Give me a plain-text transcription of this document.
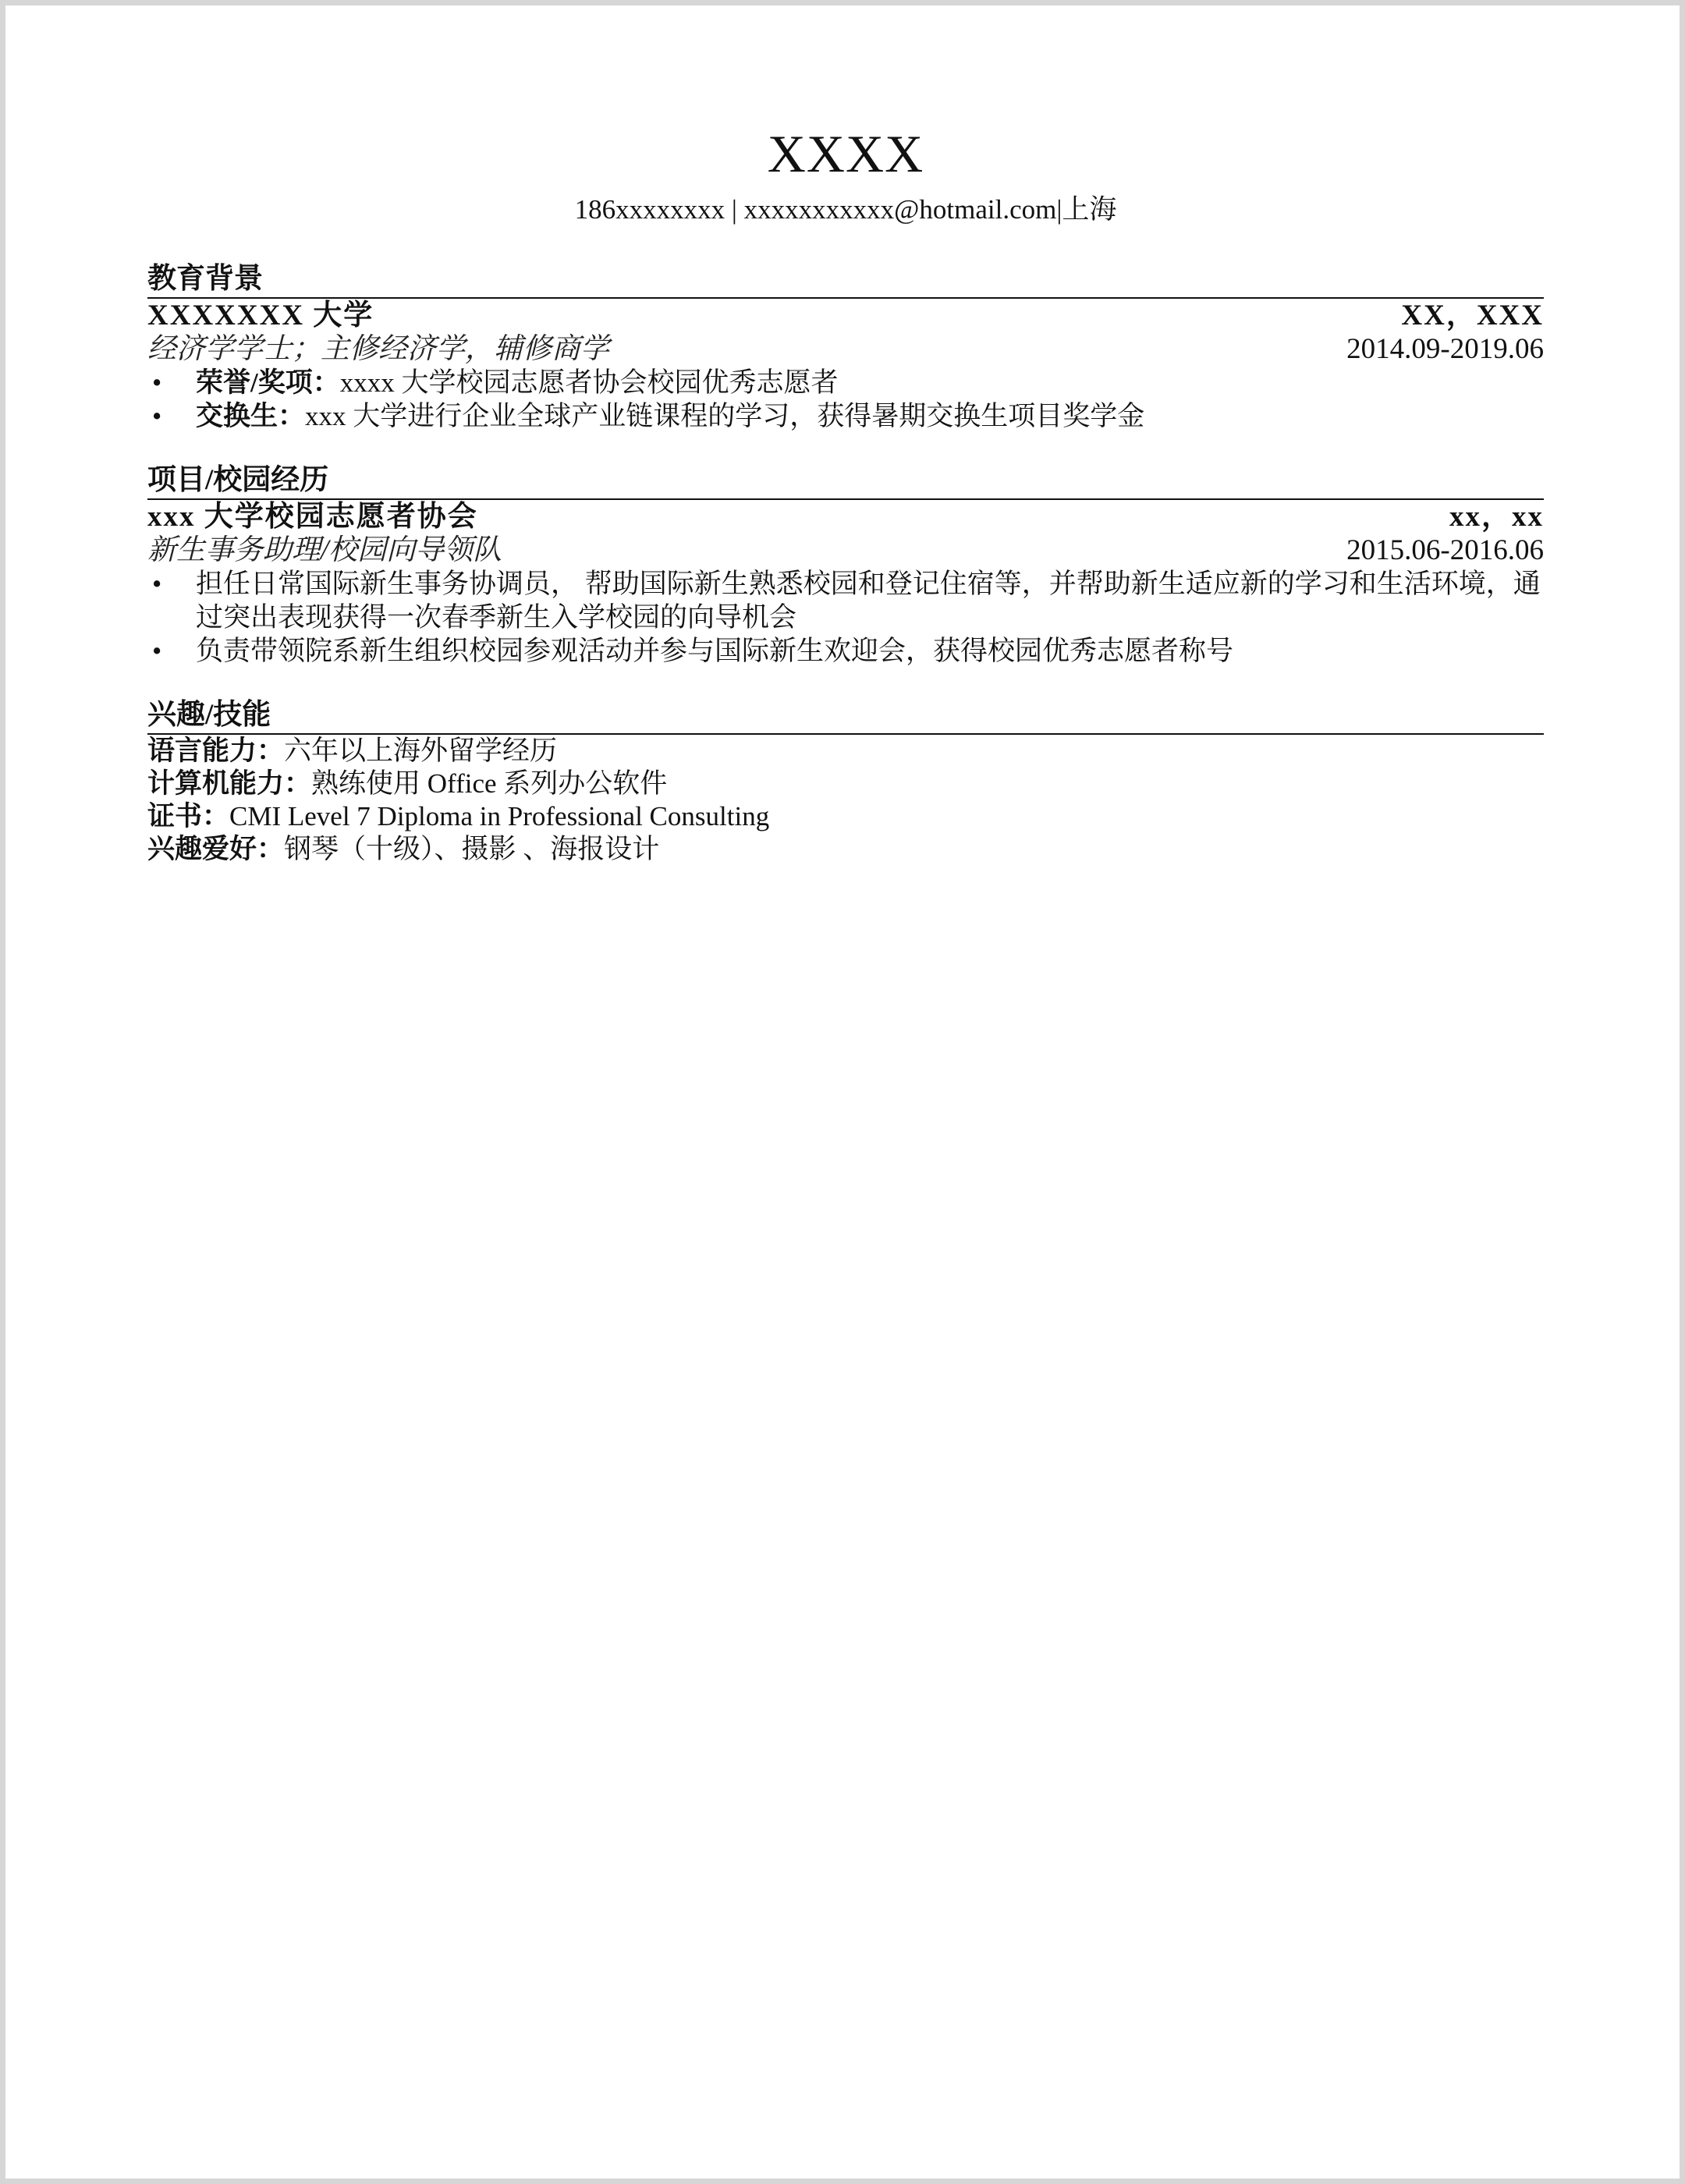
XXXX
186xxxxxxxx | xxxxxxxxxxx@hotmail.com|上海
教育背景
XXXXXXX 大学	XX，XXX
经济学学士；主修经济学，辅修商学	2014.09-2019.06
• 荣誉/奖项：xxxx 大学校园志愿者协会校园优秀志愿者
• 交换生：xxx 大学进行企业全球产业链课程的学习，获得暑期交换生项目奖学金
项目/校园经历
xxx 大学校园志愿者协会	xx，xx
新生事务助理/校园向导领队	2015.06-2016.06
• 担任日常国际新生事务协调员， 帮助国际新生熟悉校园和登记住宿等，并帮助新生适应新的学习和生活环境，通过突出表现获得一次春季新生入学校园的向导机会
• 负责带领院系新生组织校园参观活动并参与国际新生欢迎会，获得校园优秀志愿者称号
兴趣/技能
语言能力：六年以上海外留学经历
计算机能力：熟练使用 Office 系列办公软件
证书：CMI Level 7 Diploma in Professional Consulting
兴趣爱好：钢琴（十级）、摄影 、海报设计
